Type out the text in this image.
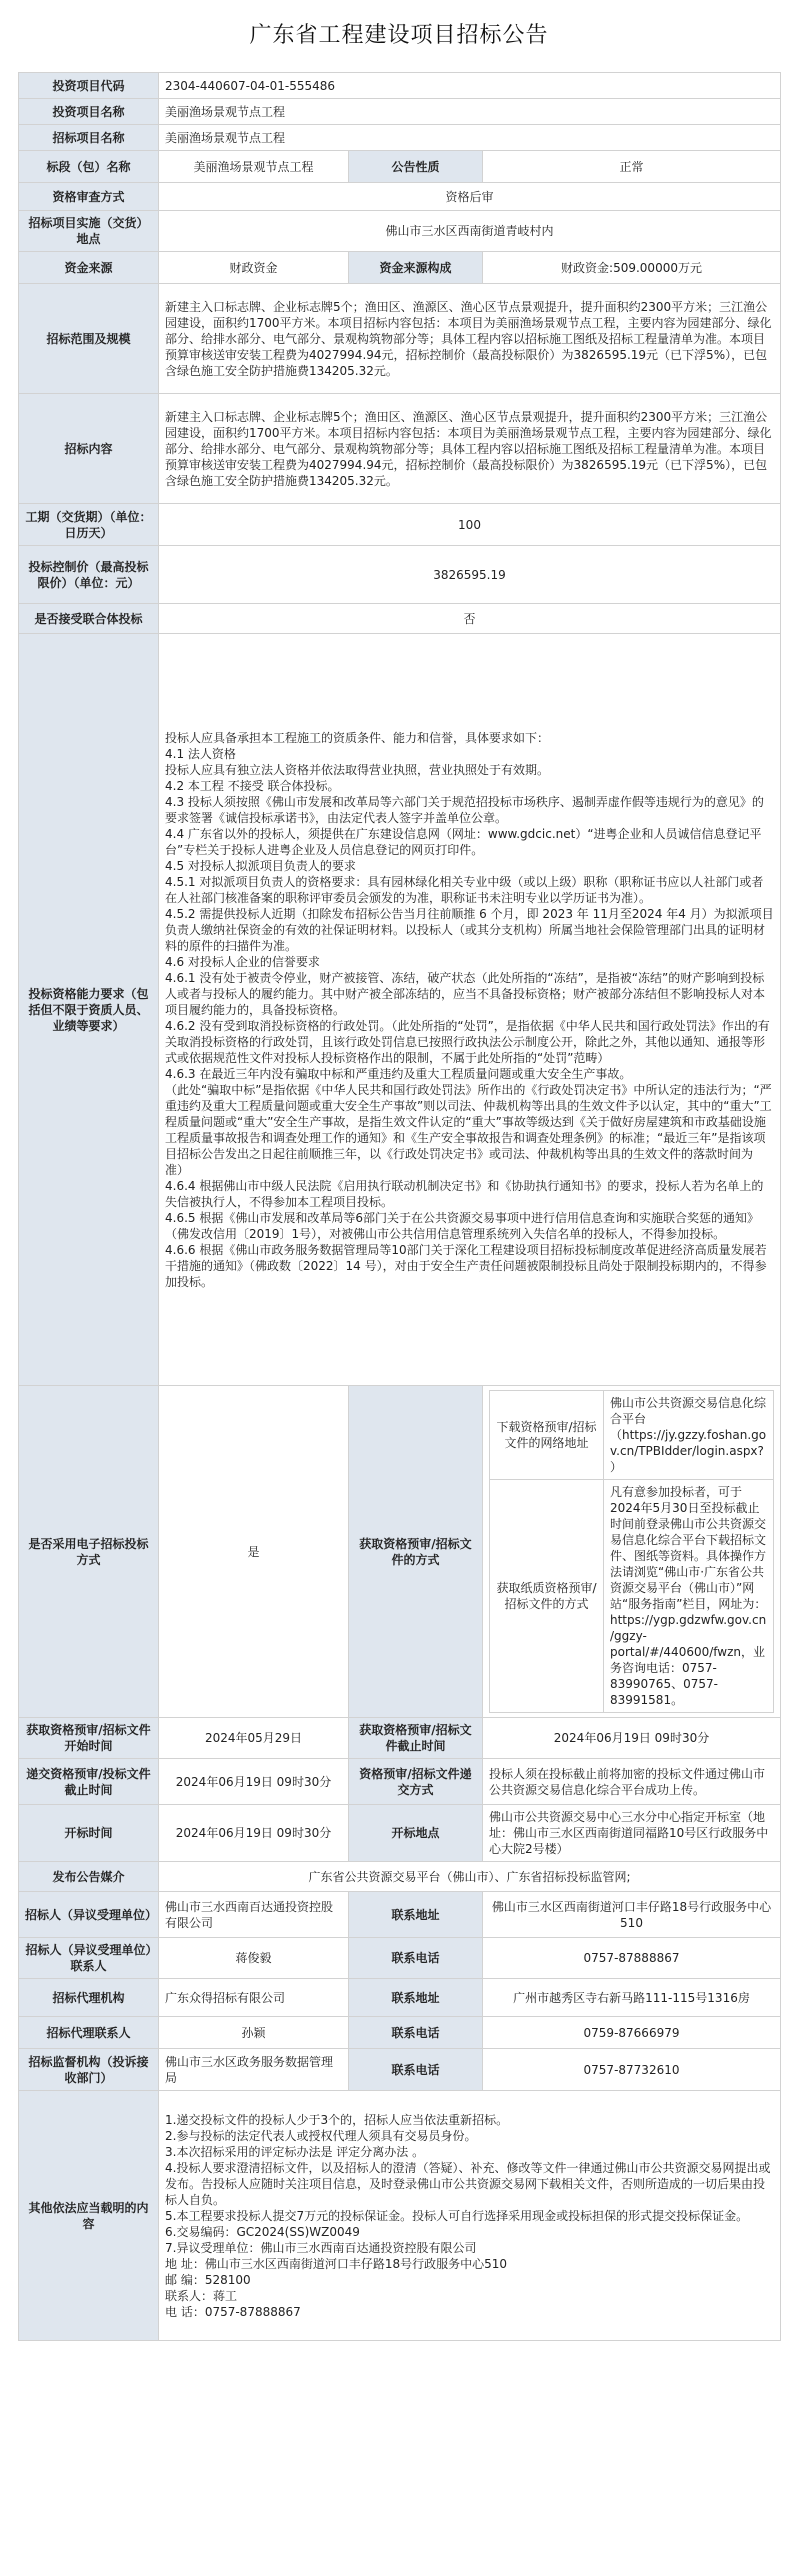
广东省工程建设项目招标公告
投资项目代码	2304-440607-04-01-555486
投资项目名称	美丽渔场景观节点工程
招标项目名称	美丽渔场景观节点工程
标段（包）名称	美丽渔场景观节点工程	公告性质	正常
资格审查方式	资格后审
招标项目实施（交货）地点	佛山市三水区西南街道青岐村内
资金来源	财政资金	资金来源构成	财政资金:509.00000万元
招标范围及规模	新建主入口标志牌、企业标志牌5个；渔田区、渔源区、渔心区节点景观提升，提升面积约2300平方米；三江渔公园建设，面积约1700平方米。本项目招标内容包括：本项目为美丽渔场景观节点工程，主要内容为园建部分、绿化部分、给排水部分、电气部分、景观构筑物部分等；具体工程内容以招标施工图纸及招标工程量清单为准。本项目预算审核送审安装工程费为4027994.94元，招标控制价（最高投标限价）为3826595.19元（已下浮5%），已包含绿色施工安全防护措施费134205.32元。
招标内容	新建主入口标志牌、企业标志牌5个；渔田区、渔源区、渔心区节点景观提升，提升面积约2300平方米；三江渔公园建设，面积约1700平方米。本项目招标内容包括：本项目为美丽渔场景观节点工程，主要内容为园建部分、绿化部分、给排水部分、电气部分、景观构筑物部分等；具体工程内容以招标施工图纸及招标工程量清单为准。本项目预算审核送审安装工程费为4027994.94元，招标控制价（最高投标限价）为3826595.19元（已下浮5%），已包含绿色施工安全防护措施费134205.32元。
工期（交货期）（单位：日历天）	100
投标控制价（最高投标限价）（单位：元）	3826595.19
是否接受联合体投标	否
投标资格能力要求（包括但不限于资质人员、业绩等要求）	投标人应具备承担本工程施工的资质条件、能力和信誉，具体要求如下：
4.1 法人资格
投标人应具有独立法人资格并依法取得营业执照，营业执照处于有效期。
4.2 本工程 不接受 联合体投标。
4.3 投标人须按照《佛山市发展和改革局等六部门关于规范招投标市场秩序、遏制弄虚作假等违规行为的意见》的要求签署《诚信投标承诺书》，由法定代表人签字并盖单位公章。
4.4 广东省以外的投标人，须提供在广东建设信息网（网址：www.gdcic.net）“进粤企业和人员诚信信息登记平台”专栏关于投标人进粤企业及人员信息登记的网页打印件。
4.5 对投标人拟派项目负责人的要求
4.5.1 对拟派项目负责人的资格要求：具有园林绿化相关专业中级（或以上级）职称（职称证书应以人社部门或者在人社部门核准备案的职称评审委员会颁发的为准，职称证书未注明专业以学历证书为准）。
4.5.2 需提供投标人近期（扣除发布招标公告当月往前顺推 6 个月，即 2023 年 11月至2024 年4 月）为拟派项目负责人缴纳社保资金的有效的社保证明材料。以投标人（或其分支机构）所属当地社会保险管理部门出具的证明材料的原件的扫描件为准。
4.6 对投标人企业的信誉要求
4.6.1 没有处于被责令停业，财产被接管、冻结，破产状态（此处所指的“冻结”，是指被“冻结”的财产影响到投标人或者与投标人的履约能力。其中财产被全部冻结的，应当不具备投标资格；财产被部分冻结但不影响投标人对本项目履约能力的，具备投标资格。
4.6.2 没有受到取消投标资格的行政处罚。（此处所指的“处罚”，是指依据《中华人民共和国行政处罚法》作出的有关取消投标资格的行政处罚，且该行政处罚信息已按照行政执法公示制度公开，除此之外，其他以通知、通报等形式或依据规范性文件对投标人投标资格作出的限制，不属于此处所指的“处罚”范畴）
4.6.3 在最近三年内没有骗取中标和严重违约及重大工程质量问题或重大安全生产事故。
（此处“骗取中标”是指依据《中华人民共和国行政处罚法》所作出的《行政处罚决定书》中所认定的违法行为；“严重违约及重大工程质量问题或重大安全生产事故”则以司法、仲裁机构等出具的生效文件予以认定，其中的“重大”工程质量问题或“重大”安全生产事故，是指生效文件认定的“重大”事故等级达到《关于做好房屋建筑和市政基础设施工程质量事故报告和调查处理工作的通知》和《生产安全事故报告和调查处理条例》的标准；“最近三年”是指该项目招标公告发出之日起往前顺推三年，以《行政处罚决定书》或司法、仲裁机构等出具的生效文件的落款时间为准）
4.6.4 根据佛山市中级人民法院《启用执行联动机制决定书》和《协助执行通知书》的要求，投标人若为名单上的失信被执行人，不得参加本工程项目投标。
4.6.5 根据《佛山市发展和改革局等6部门关于在公共资源交易事项中进行信用信息查询和实施联合奖惩的通知》（佛发改信用〔2019〕1号），对被佛山市公共信用信息管理系统列入失信名单的投标人，不得参加投标。
4.6.6 根据《佛山市政务服务数据管理局等10部门关于深化工程建设项目招标投标制度改革促进经济高质量发展若干措施的通知》（佛政数〔2022〕14 号），对由于安全生产责任问题被限制投标且尚处于限制投标期内的，不得参加投标。
是否采用电子招标投标方式	是	获取资格预审/招标文件的方式	
下载资格预审/招标文件的网络地址	佛山市公共资源交易信息化综合平台 （https://jy.gzzy.foshan.gov.cn/TPBIdder/login.aspx?）
获取纸质资格预审/招标文件的方式	凡有意参加投标者，可于 2024年5月30日至投标截止时间前登录佛山市公共资源交易信息化综合平台下载招标文件、图纸等资料。具体操作方法请浏览“佛山市·广东省公共资源交易平台（佛山市）”网站“服务指南”栏目，网址为：https://ygp.gdzwfw.gov.cn/ggzy-portal/#/440600/fwzn，业务咨询电话：0757-83990765、0757-83991581。

获取资格预审/招标文件开始时间	2024年05月29日	获取资格预审/招标文件截止时间	2024年06月19日 09时30分
递交资格预审/投标文件截止时间	2024年06月19日 09时30分	资格预审/招标文件递交方式	投标人须在投标截止前将加密的投标文件通过佛山市公共资源交易信息化综合平台成功上传。
开标时间	2024年06月19日 09时30分	开标地点	佛山市公共资源交易中心三水分中心指定开标室（地址：佛山市三水区西南街道同福路10号区行政服务中心大院2号楼）
发布公告媒介	广东省公共资源交易平台（佛山市）、广东省招标投标监管网;
招标人（异议受理单位）	佛山市三水西南百达通投资控股有限公司	联系地址	佛山市三水区西南街道河口丰仔路18号行政服务中心510
招标人（异议受理单位）联系人	蒋俊毅	联系电话	0757-87888867
招标代理机构	广东众得招标有限公司	联系地址	广州市越秀区寺右新马路111-115号1316房
招标代理联系人	孙颖	联系电话	0759-87666979
招标监督机构（投诉接收部门）	佛山市三水区政务服务数据管理局	联系电话	0757-87732610
其他依法应当载明的内容	1.递交投标文件的投标人少于3个的，招标人应当依法重新招标。
2.参与投标的法定代表人或授权代理人须具有交易员身份。
3.本次招标采用的评定标办法是 评定分离办法 。
4.投标人要求澄清招标文件，以及招标人的澄清（答疑）、补充、修改等文件一律通过佛山市公共资源交易网提出或发布。告投标人应随时关注项目信息，及时登录佛山市公共资源交易网下载相关文件，否则所造成的一切后果由投标人自负。
5.本工程要求投标人提交7万元的投标保证金。投标人可自行选择采用现金或投标担保的形式提交投标保证金。
6.交易编码：GC2024(SS)WZ0049
7.异议受理单位：佛山市三水西南百达通投资控股有限公司
地 址：佛山市三水区西南街道河口丰仔路18号行政服务中心510
邮 编：528100
联系人：蒋工
电 话：0757-87888867
